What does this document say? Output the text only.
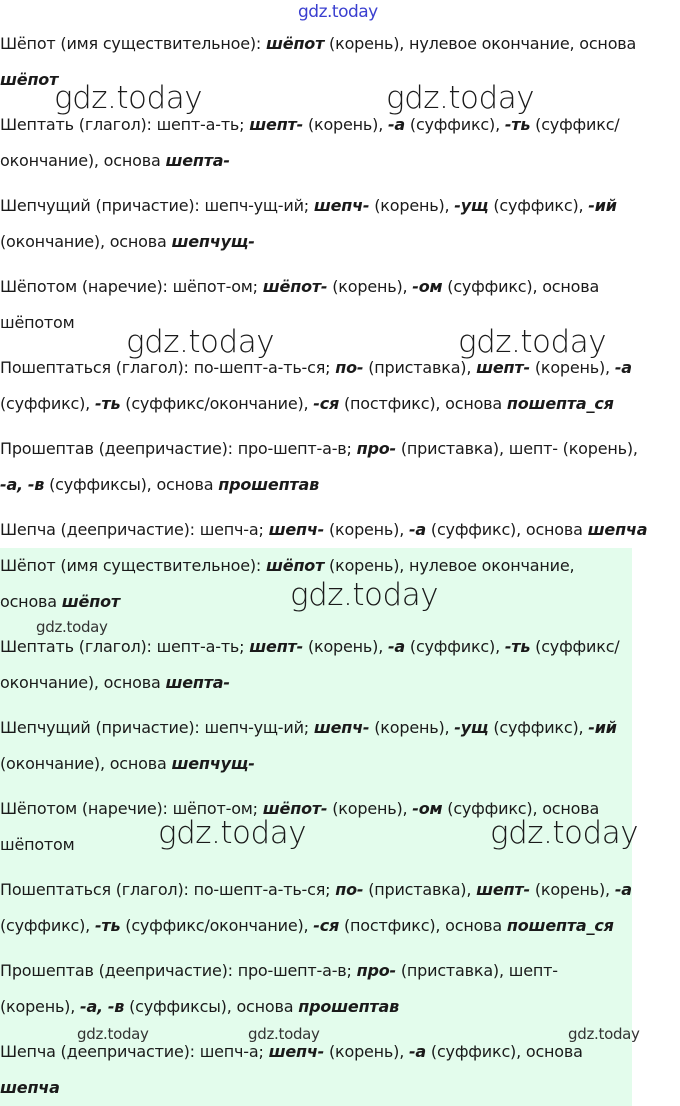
Шёпот (имя существительное): шёпот (корень), нулевое окончание, основа шёпот

Шептать (глагол): шепт-а-ть; шепт- (корень), -а (суффикс), -ть (суффикс/окончание), основа шепта-

Шепчущий (причастие): шепч-ущ-ий; шепч- (корень), -ущ (суффикс), -ий (окончание), основа шепчущ-

Шёпотом (наречие): шёпот-ом; шёпот- (корень), -ом (суффикс), основа шёпотом

Пошептаться (глагол): по-шепт-а-ть-ся; по- (приставка), шепт- (корень), -а (суффикс), -ть (суффикс/окончание), -ся (постфикс), основа пошепта_ся

Прошептав (деепричастие): про-шепт-а-в; про- (приставка), шепт- (корень), -а, -в (суффиксы), основа прошептав

Шепча (деепричастие): шепч-а; шепч- (корень), -а (суффикс), основа шепча

Шёпот (имя существительное): шёпот (корень), нулевое окончание, основа шёпот

Шептать (глагол): шепт-а-ть; шепт- (корень), -а (суффикс), -ть (суффикс/окончание), основа шепта-

Шепчущий (причастие): шепч-ущ-ий; шепч- (корень), -ущ (суффикс), -ий (окончание), основа шепчущ-

Шёпотом (наречие): шёпот-ом; шёпот- (корень), -ом (суффикс), основа шёпотом

Пошептаться (глагол): по-шепт-а-ть-ся; по- (приставка), шепт- (корень), -а (суффикс), -ть (суффикс/окончание), -ся (постфикс), основа пошепта_ся

Прошептав (деепричастие): про-шепт-а-в; про- (приставка), шепт- (корень), -а, -в (суффиксы), основа прошептав

Шепча (деепричастие): шепч-а; шепч- (корень), -а (суффикс), основа шепча

gdz.today
gdz.today	gdz.today
gdz.today	gdz.today
gdz.today
gdz.today
gdz.today	gdz.today
gdz.today	gdz.today	gdz.today
